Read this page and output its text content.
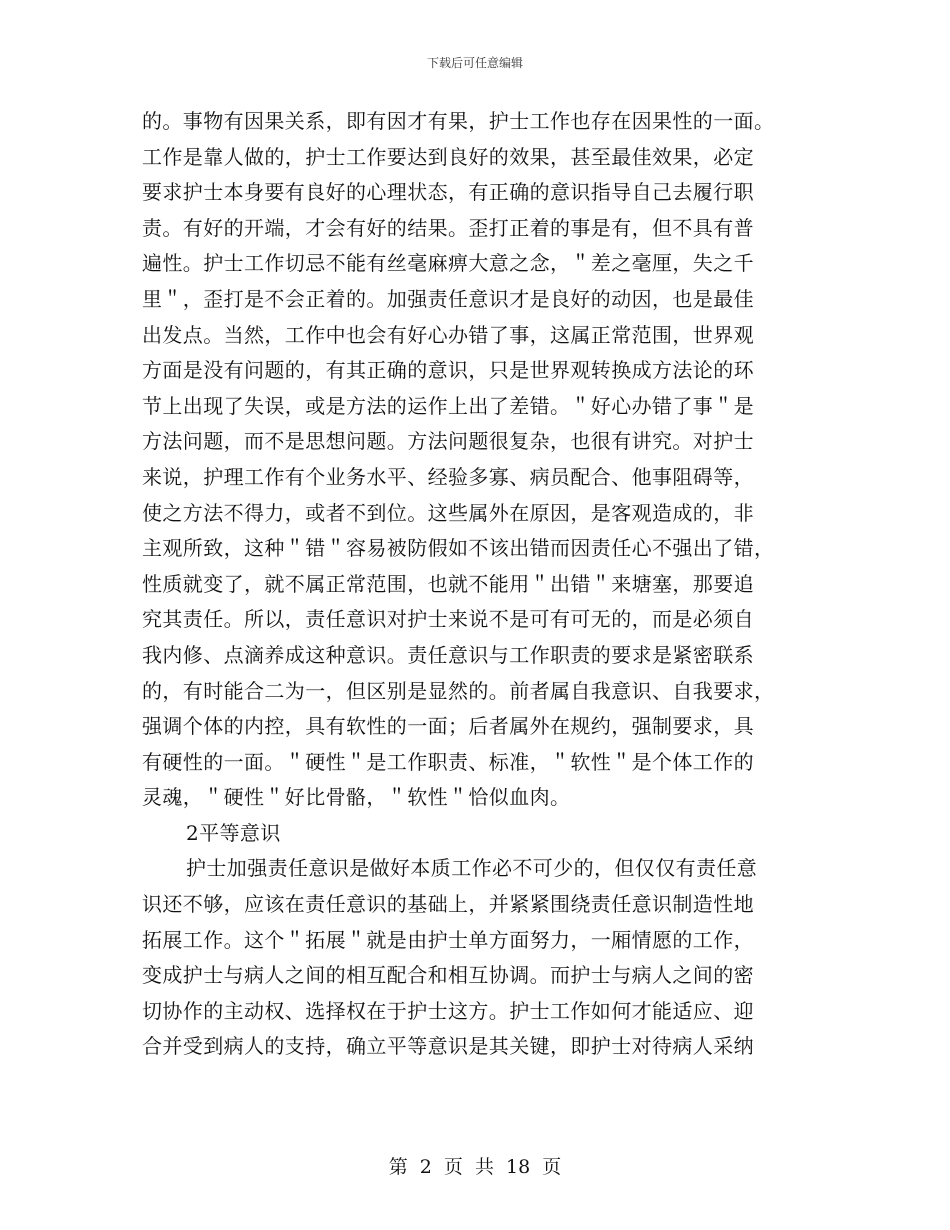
下载后可任意编辑
的。事物有因果关系，即有因才有果，护士工作也存在因果性的一面。
工作是靠人做的，护士工作要达到良好的效果，甚至最佳效果，必定
要求护士本身要有良好的心理状态，有正确的意识指导自己去履行职
责。有好的开端，才会有好的结果。歪打正着的事是有，但不具有普
遍性。护士工作切忌不能有丝毫麻痹大意之念，＂差之毫厘，失之千
里＂，歪打是不会正着的。加强责任意识才是良好的动因，也是最佳
出发点。当然，工作中也会有好心办错了事，这属正常范围，世界观
方面是没有问题的，有其正确的意识，只是世界观转换成方法论的环
节上出现了失误，或是方法的运作上出了差错。＂好心办错了事＂是
方法问题，而不是思想问题。方法问题很复杂，也很有讲究。对护士
来说，护理工作有个业务水平、经验多寡、病员配合、他事阻碍等，
使之方法不得力，或者不到位。这些属外在原因，是客观造成的，非
主观所致，这种＂错＂容易被防假如不该出错而因责任心不强出了错，
性质就变了，就不属正常范围，也就不能用＂出错＂来塘塞，那要追
究其责任。所以，责任意识对护士来说不是可有可无的，而是必须自
我内修、点滴养成这种意识。责任意识与工作职责的要求是紧密联系
的，有时能合二为一，但区别是显然的。前者属自我意识、自我要求，
强调个体的内控，具有软性的一面；后者属外在规约，强制要求，具
有硬性的一面。＂硬性＂是工作职责、标准，＂软性＂是个体工作的
灵魂，＂硬性＂好比骨骼，＂软性＂恰似血肉。
2平等意识
护士加强责任意识是做好本质工作必不可少的，但仅仅有责任意
识还不够，应该在责任意识的基础上，并紧紧围绕责任意识制造性地
拓展工作。这个＂拓展＂就是由护士单方面努力，一厢情愿的工作，
变成护士与病人之间的相互配合和相互协调。而护士与病人之间的密
切协作的主动权、选择权在于护士这方。护士工作如何才能适应、迎
合并受到病人的支持，确立平等意识是其关键，即护士对待病人采纳
第 2 页 共 18 页
